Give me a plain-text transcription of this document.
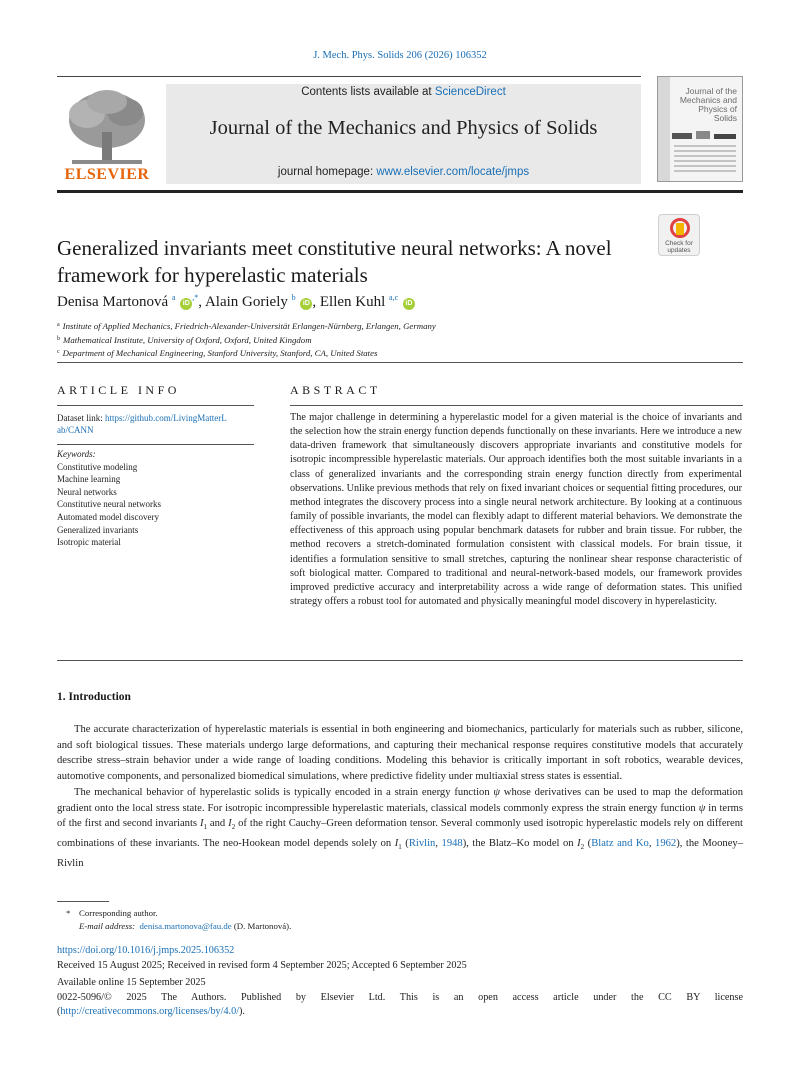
J. Mech. Phys. Solids 206 (2026) 106352
ELSEVIER
Contents lists available at ScienceDirect
Journal of the Mechanics and Physics of Solids
journal homepage: www.elsevier.com/locate/jmps
Journal of the Mechanics and Physics of Solids
Check for updates
Generalized invariants meet constitutive neural networks: A novel framework for hyperelastic materials
Denisa Martonová $^a$ iD,*, Alain Goriely $^b$ iD , Ellen Kuhl $^{a,c}$ iD
$^a$ Institute of Applied Mechanics, Friedrich-Alexander-Universität Erlangen-Nürnberg, Erlangen, Germany
$^b$ Mathematical Institute, University of Oxford, Oxford, United Kingdom
$^c$ Department of Mechanical Engineering, Stanford University, Stanford, CA, United States
ARTICLE INFO
Dataset link: https://github.com/LivingMatterL
ab/CANN
Keywords:
Constitutive modeling
Machine learning
Neural networks
Constitutive neural networks
Automated model discovery
Generalized invariants
Isotropic material
ABSTRACT
The major challenge in determining a hyperelastic model for a given material is the choice of invariants and the selection how the strain energy function depends functionally on these invariants. Here we introduce a new data-driven framework that simultaneously discovers appropriate invariants and constitutive models for isotropic incompressible hyperelastic materials. Our approach identifies both the most suitable invariants in a class of generalized invariants and the corresponding strain energy function directly from experimental observations. Unlike previous methods that rely on fixed invariant choices or sequential fitting procedures, our method integrates the discovery process into a single neural network architecture. By looking at a continuous family of possible invariants, the model can flexibly adapt to different material behaviors. We demonstrate the effectiveness of this approach using popular benchmark datasets for rubber and brain tissue. For rubber, the method recovers a stretch-dominated formulation consistent with classical models. For brain tissue, it identifies a formulation sensitive to small stretches, capturing the nonlinear shear response characteristic of soft biological matter. Compared to traditional and neural-network-based models, our framework provides improved predictive accuracy and interpretability across a wide range of deformation states. This unified strategy offers a robust tool for automated and physically meaningful model discovery in hyperelasticity.
1. Introduction

The accurate characterization of hyperelastic materials is essential in both engineering and biomechanics, particularly for materials such as rubber, silicone, and soft biological tissues. These materials undergo large deformations, and capturing their mechanical response requires constitutive models that accurately describe stress–strain behavior under a wide range of loading conditions. Modeling this behavior is critically important in soft robotics, wearable devices, automotive components, and personalized biomedical simulations, where predictive fidelity under multiaxial stress states is essential.

The mechanical behavior of hyperelastic solids is typically encoded in a strain energy function ψ whose derivatives can be used to map the deformation gradient onto the local stress state. For isotropic incompressible hyperelastic materials, classical models commonly express the strain energy function ψ in terms of the first and second invariants $I_1$ and $I_2$ of the right Cauchy–Green deformation tensor. Several commonly used isotropic hyperelastic models rely on different combinations of these invariants. The neo-Hookean model depends solely on $I_1$ (Rivlin, 1948), the Blatz–Ko model on $I_2$ (Blatz and Ko, 1962), the Mooney–Rivlin

* Corresponding author.
E-mail address: denisa.martonova@fau.de (D. Martonová).
https://doi.org/10.1016/j.jmps.2025.106352
Received 15 August 2025; Received in revised form 4 September 2025; Accepted 6 September 2025
Available online 15 September 2025
0022-5096/© 2025 The Authors. Published by Elsevier Ltd. This is an open access article under the CC BY license
(http://creativecommons.org/licenses/by/4.0/).
